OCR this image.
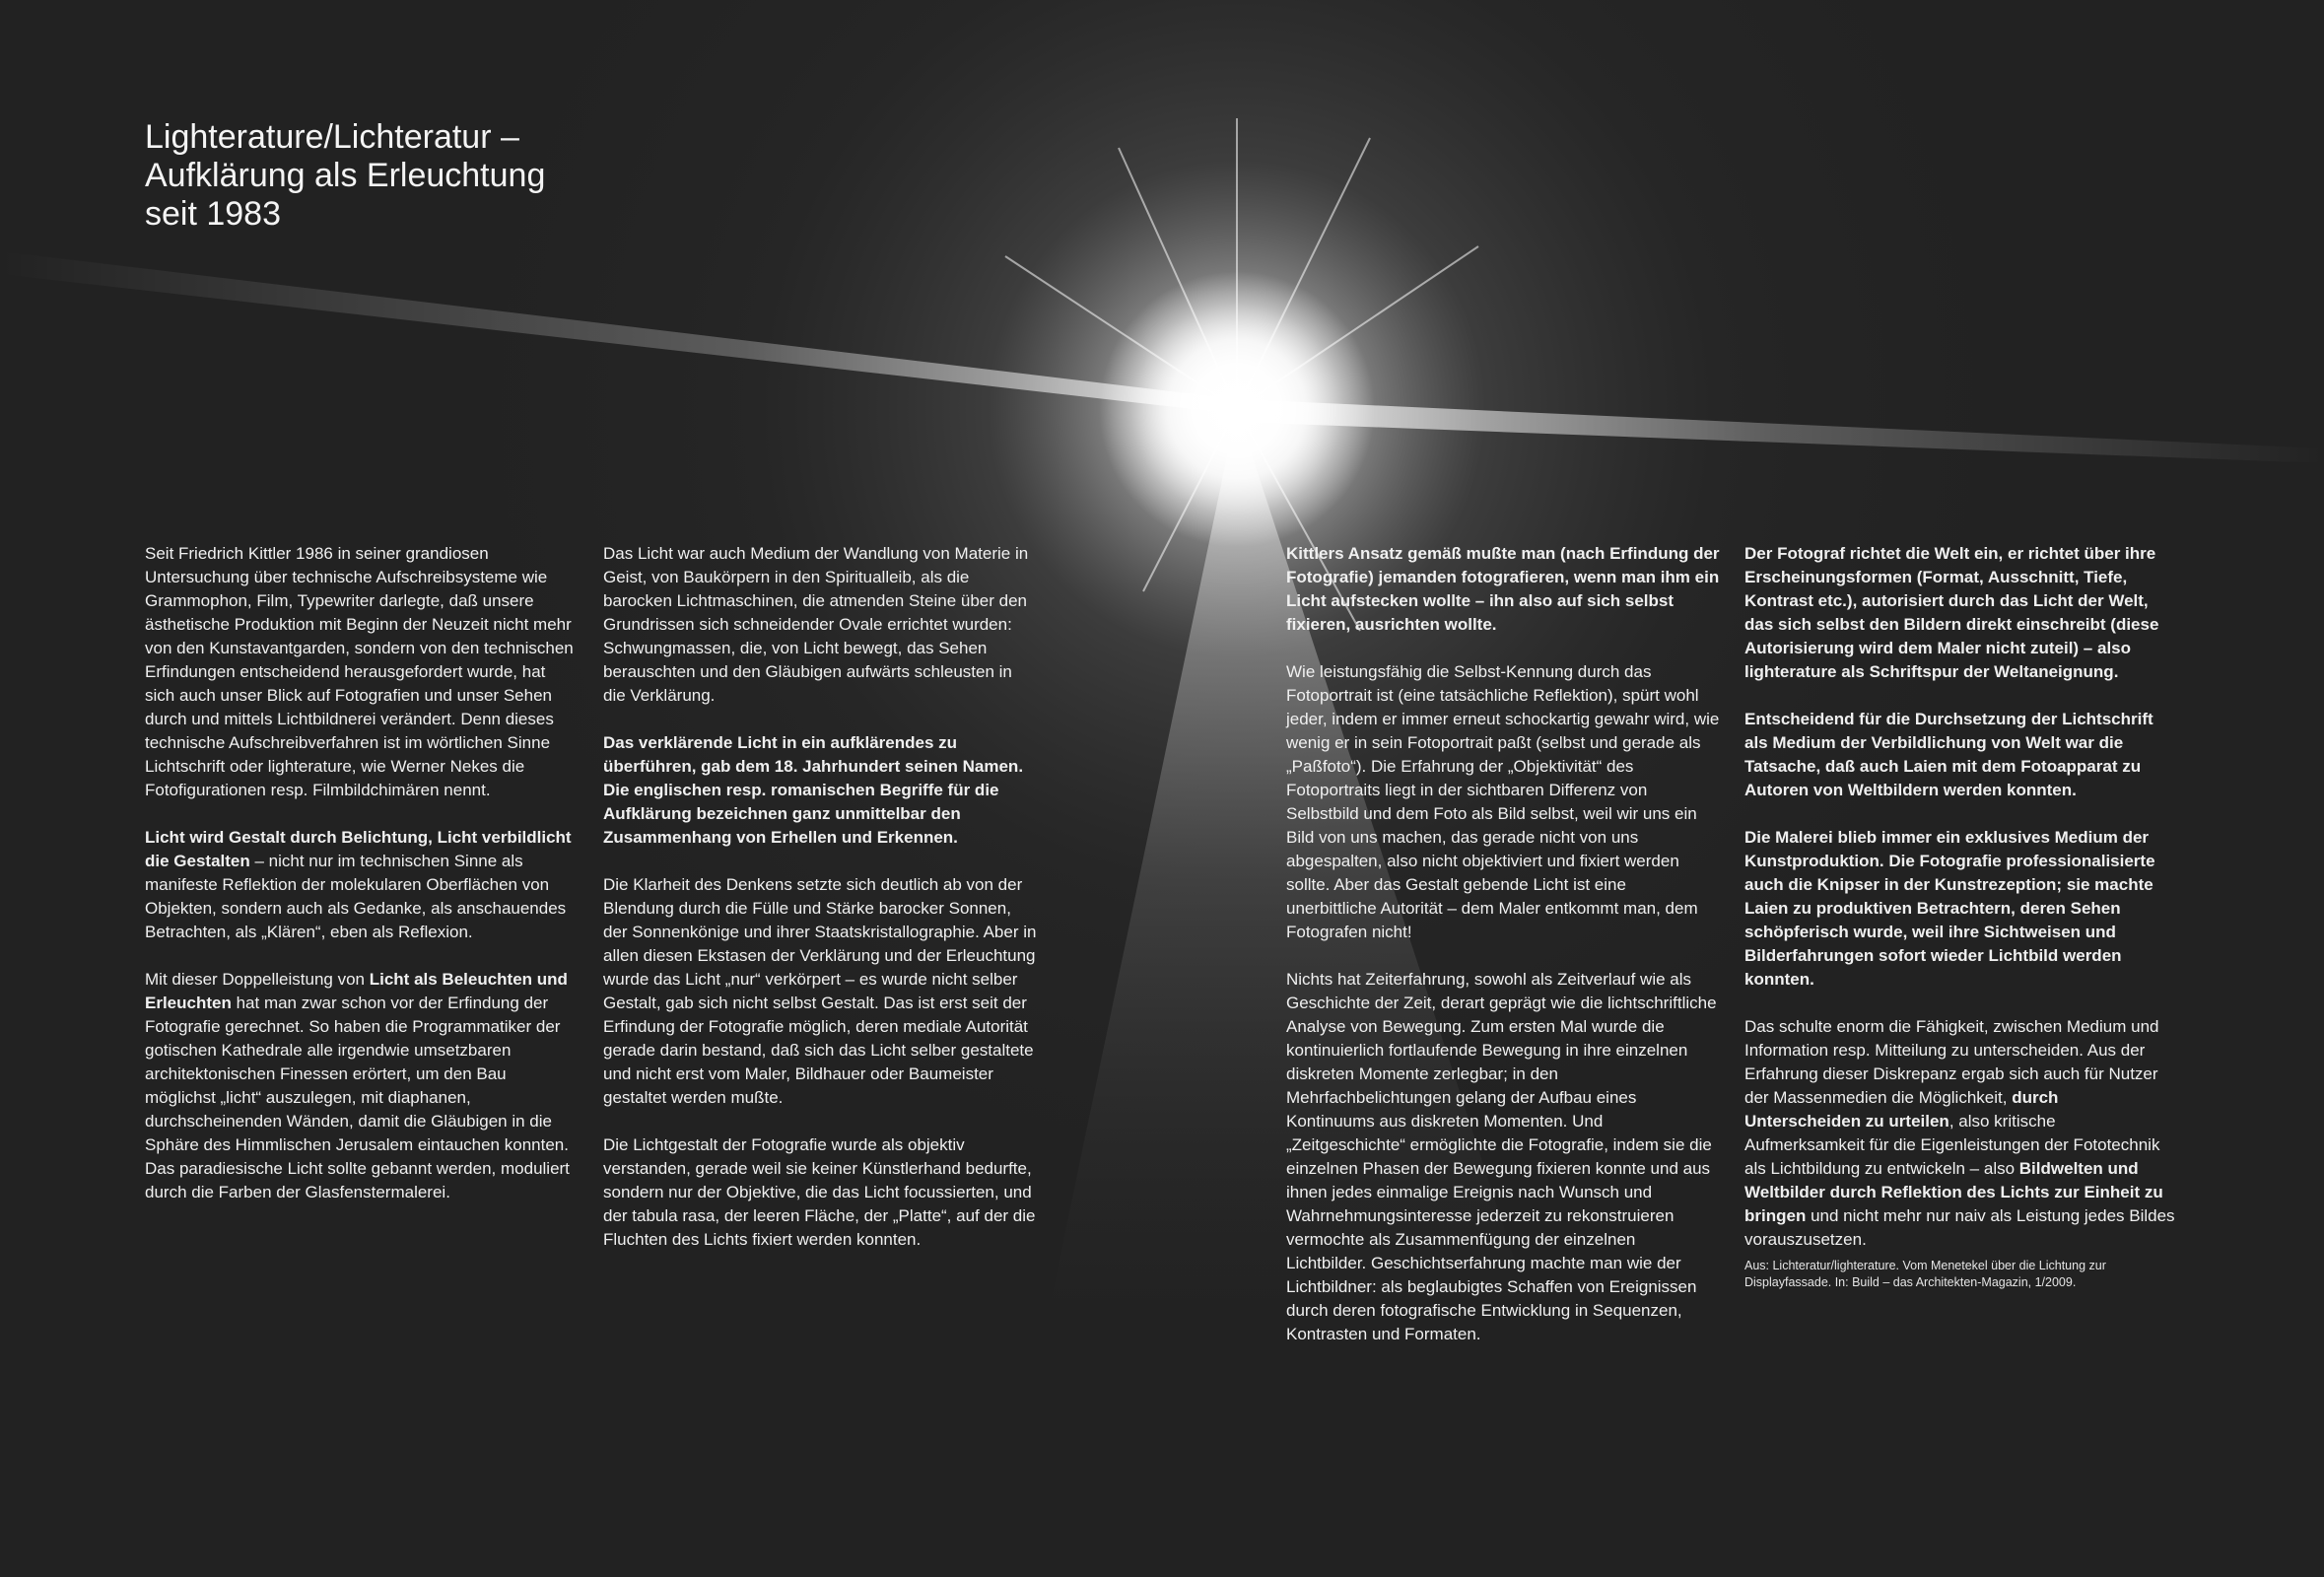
Lighterature/Lichteratur –
Aufklärung als Erleuchtung
seit 1983

Seit Friedrich Kittler 1986 in seiner grandiosen Untersuchung über technische Aufschreibsysteme wie Grammophon, Film, Typewriter darlegte, daß unsere ästhetische Produktion mit Beginn der Neuzeit nicht mehr von den Kunstavantgarden, sondern von den technischen Erfindungen entscheidend herausgefordert wurde, hat sich auch unser Blick auf Fotografien und unser Sehen durch und mittels Lichtbildnerei verändert. Denn dieses technische Aufschreibverfahren ist im wörtlichen Sinne Lichtschrift oder lighterature, wie Werner Nekes die Fotofigurationen resp. Filmbildchimären nennt.

Licht wird Gestalt durch Belichtung, Licht verbildlicht die Gestalten – nicht nur im technischen Sinne als manifeste Reflektion der molekularen Oberflächen von Objekten, sondern auch als Gedanke, als anschauendes Betrachten, als „Klären“, eben als Reflexion.

Mit dieser Doppelleistung von Licht als Beleuchten und Erleuchten hat man zwar schon vor der Erfindung der Fotografie gerechnet. So haben die Programmatiker der gotischen Kathedrale alle irgendwie umsetzbaren architektonischen Finessen erörtert, um den Bau möglichst „licht“ auszulegen, mit diaphanen, durchscheinenden Wänden, damit die Gläubigen in die Sphäre des Himmlischen Jerusalem eintauchen konnten. Das paradiesische Licht sollte gebannt werden, moduliert durch die Farben der Glasfenstermalerei.

Das Licht war auch Medium der Wandlung von Materie in Geist, von Baukörpern in den Spiritualleib, als die barocken Lichtmaschinen, die atmenden Steine über den Grundrissen sich schneidender Ovale errichtet wurden: Schwungmassen, die, von Licht bewegt, das Sehen berauschten und den Gläubigen aufwärts schleusten in die Verklärung.

Das verklärende Licht in ein aufklärendes zu überführen, gab dem 18. Jahrhundert seinen Namen. Die englischen resp. romanischen Begriffe für die Aufklärung bezeichnen ganz unmittelbar den Zusammenhang von Erhellen und Erkennen.

Die Klarheit des Denkens setzte sich deutlich ab von der Blendung durch die Fülle und Stärke barocker Sonnen, der Sonnenkönige und ihrer Staatskristallographie. Aber in allen diesen Ekstasen der Verklärung und der Erleuchtung wurde das Licht „nur“ verkörpert – es wurde nicht selber Gestalt, gab sich nicht selbst Gestalt. Das ist erst seit der Erfindung der Fotografie möglich, deren mediale Autorität gerade darin bestand, daß sich das Licht selber gestaltete und nicht erst vom Maler, Bildhauer oder Baumeister gestaltet werden mußte.

Die Lichtgestalt der Fotografie wurde als objektiv verstanden, gerade weil sie keiner Künstlerhand bedurfte, sondern nur der Objektive, die das Licht focussierten, und der tabula rasa, der leeren Fläche, der „Platte“, auf der die Fluchten des Lichts fixiert werden konnten.

Kittlers Ansatz gemäß mußte man (nach Erfindung der Fotografie) jemanden fotografieren, wenn man ihm ein Licht aufstecken wollte – ihn also auf sich selbst fixieren, ausrichten wollte.

Wie leistungsfähig die Selbst-Kennung durch das Fotoportrait ist (eine tatsächliche Reflektion), spürt wohl jeder, indem er immer erneut schockartig gewahr wird, wie wenig er in sein Fotoportrait paßt (selbst und gerade als „Paßfoto“). Die Erfahrung der „Objektivität“ des Fotoportraits liegt in der sichtbaren Differenz von Selbstbild und dem Foto als Bild selbst, weil wir uns ein Bild von uns machen, das gerade nicht von uns abgespalten, also nicht objektiviert und fixiert werden sollte. Aber das Gestalt gebende Licht ist eine unerbittliche Autorität – dem Maler entkommt man, dem Fotografen nicht!

Nichts hat Zeiterfahrung, sowohl als Zeitverlauf wie als Geschichte der Zeit, derart geprägt wie die lichtschriftliche Analyse von Bewegung. Zum ersten Mal wurde die kontinuierlich fortlaufende Bewegung in ihre einzelnen diskreten Momente zerlegbar; in den Mehrfachbelichtungen gelang der Aufbau eines Kontinuums aus diskreten Momenten. Und „Zeitgeschichte“ ermöglichte die Fotografie, indem sie die einzelnen Phasen der Bewegung fixieren konnte und aus ihnen jedes einmalige Ereignis nach Wunsch und Wahrnehmungsinteresse jederzeit zu rekonstruieren vermochte als Zusammenfügung der einzelnen Lichtbilder. Geschichtserfahrung machte man wie der Lichtbildner: als beglaubigtes Schaffen von Ereignissen durch deren fotografische Entwicklung in Sequenzen, Kontrasten und Formaten.

Der Fotograf richtet die Welt ein, er richtet über ihre Erscheinungsformen (Format, Ausschnitt, Tiefe, Kontrast etc.), autorisiert durch das Licht der Welt, das sich selbst den Bildern direkt einschreibt (diese Autorisierung wird dem Maler nicht zuteil) – also lighterature als Schriftspur der Weltaneignung.

Entscheidend für die Durchsetzung der Lichtschrift als Medium der Verbildlichung von Welt war die Tatsache, daß auch Laien mit dem Fotoapparat zu Autoren von Weltbildern werden konnten.

Die Malerei blieb immer ein exklusives Medium der Kunstproduktion. Die Fotografie professionalisierte auch die Knipser in der Kunstrezeption; sie machte Laien zu produktiven Betrachtern, deren Sehen schöpferisch wurde, weil ihre Sichtweisen und Bilderfahrungen sofort wieder Lichtbild werden konnten.

Das schulte enorm die Fähigkeit, zwischen Medium und Information resp. Mitteilung zu unterscheiden. Aus der Erfahrung dieser Diskrepanz ergab sich auch für Nutzer der Massenmedien die Möglichkeit, durch Unterscheiden zu urteilen, also kritische Aufmerksamkeit für die Eigenleistungen der Fototechnik als Lichtbildung zu entwickeln – also Bildwelten und Weltbilder durch Reflektion des Lichts zur Einheit zu bringen und nicht mehr nur naiv als Leistung jedes Bildes vorauszusetzen.

Aus: Lichteratur/lighterature. Vom Menetekel über die Lichtung zur Displayfassade. In: Build – das Architekten-Magazin, 1/2009.
